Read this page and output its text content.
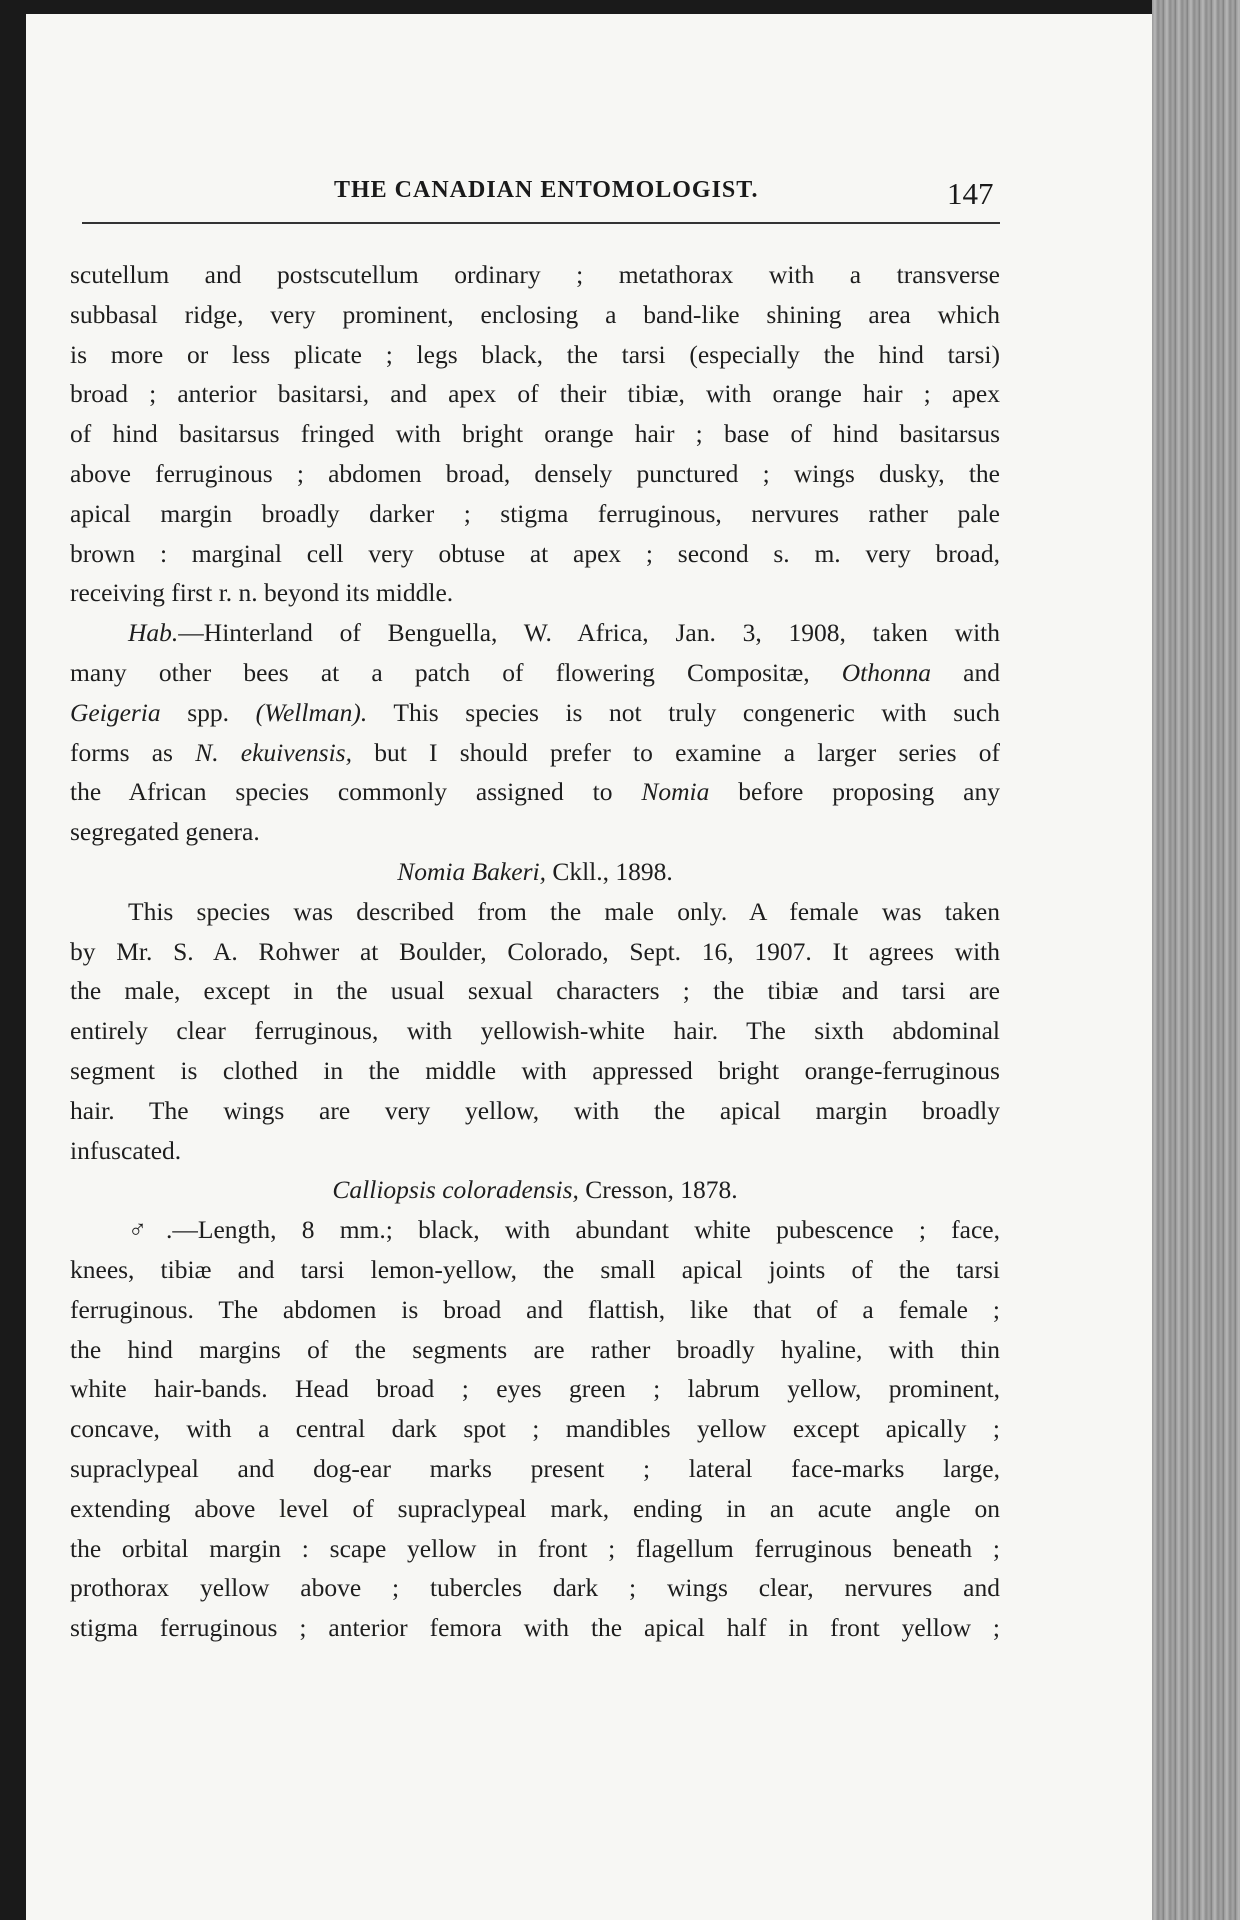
THE CANADIAN ENTOMOLOGIST.	147
scutellum and postscutellum ordinary ; metathorax with a transverse
subbasal ridge, very prominent, enclosing a band-like shining area which
is more or less plicate ; legs black, the tarsi (especially the hind tarsi)
broad ; anterior basitarsi, and apex of their tibiæ, with orange hair ; apex
of hind basitarsus fringed with bright orange hair ; base of hind basitarsus
above ferruginous ; abdomen broad, densely punctured ; wings dusky, the
apical margin broadly darker ; stigma ferruginous, nervures rather pale
brown : marginal cell very obtuse at apex ; second s. m. very broad,
receiving first r. n. beyond its middle.
Hab.—Hinterland of Benguella, W. Africa, Jan. 3, 1908, taken with
many other bees at a patch of flowering Compositæ, Othonna and
Geigeria spp. (Wellman). This species is not truly congeneric with such
forms as N. ekuivensis, but I should prefer to examine a larger series of
the African species commonly assigned to Nomia before proposing any
segregated genera.
Nomia Bakeri, Ckll., 1898.
This species was described from the male only. A female was taken
by Mr. S. A. Rohwer at Boulder, Colorado, Sept. 16, 1907. It agrees with
the male, except in the usual sexual characters ; the tibiæ and tarsi are
entirely clear ferruginous, with yellowish-white hair. The sixth abdominal
segment is clothed in the middle with appressed bright orange-ferruginous
hair. The wings are very yellow, with the apical margin broadly
infuscated.
Calliopsis coloradensis, Cresson, 1878.
♂.—Length, 8 mm.; black, with abundant white pubescence ; face,
knees, tibiæ and tarsi lemon-yellow, the small apical joints of the tarsi
ferruginous. The abdomen is broad and flattish, like that of a female ;
the hind margins of the segments are rather broadly hyaline, with thin
white hair-bands. Head broad ; eyes green ; labrum yellow, prominent,
concave, with a central dark spot ; mandibles yellow except apically ;
supraclypeal and dog-ear marks present ; lateral face-marks large,
extending above level of supraclypeal mark, ending in an acute angle on
the orbital margin : scape yellow in front ; flagellum ferruginous beneath ;
prothorax yellow above ; tubercles dark ; wings clear, nervures and
stigma ferruginous ; anterior femora with the apical half in front yellow ;
